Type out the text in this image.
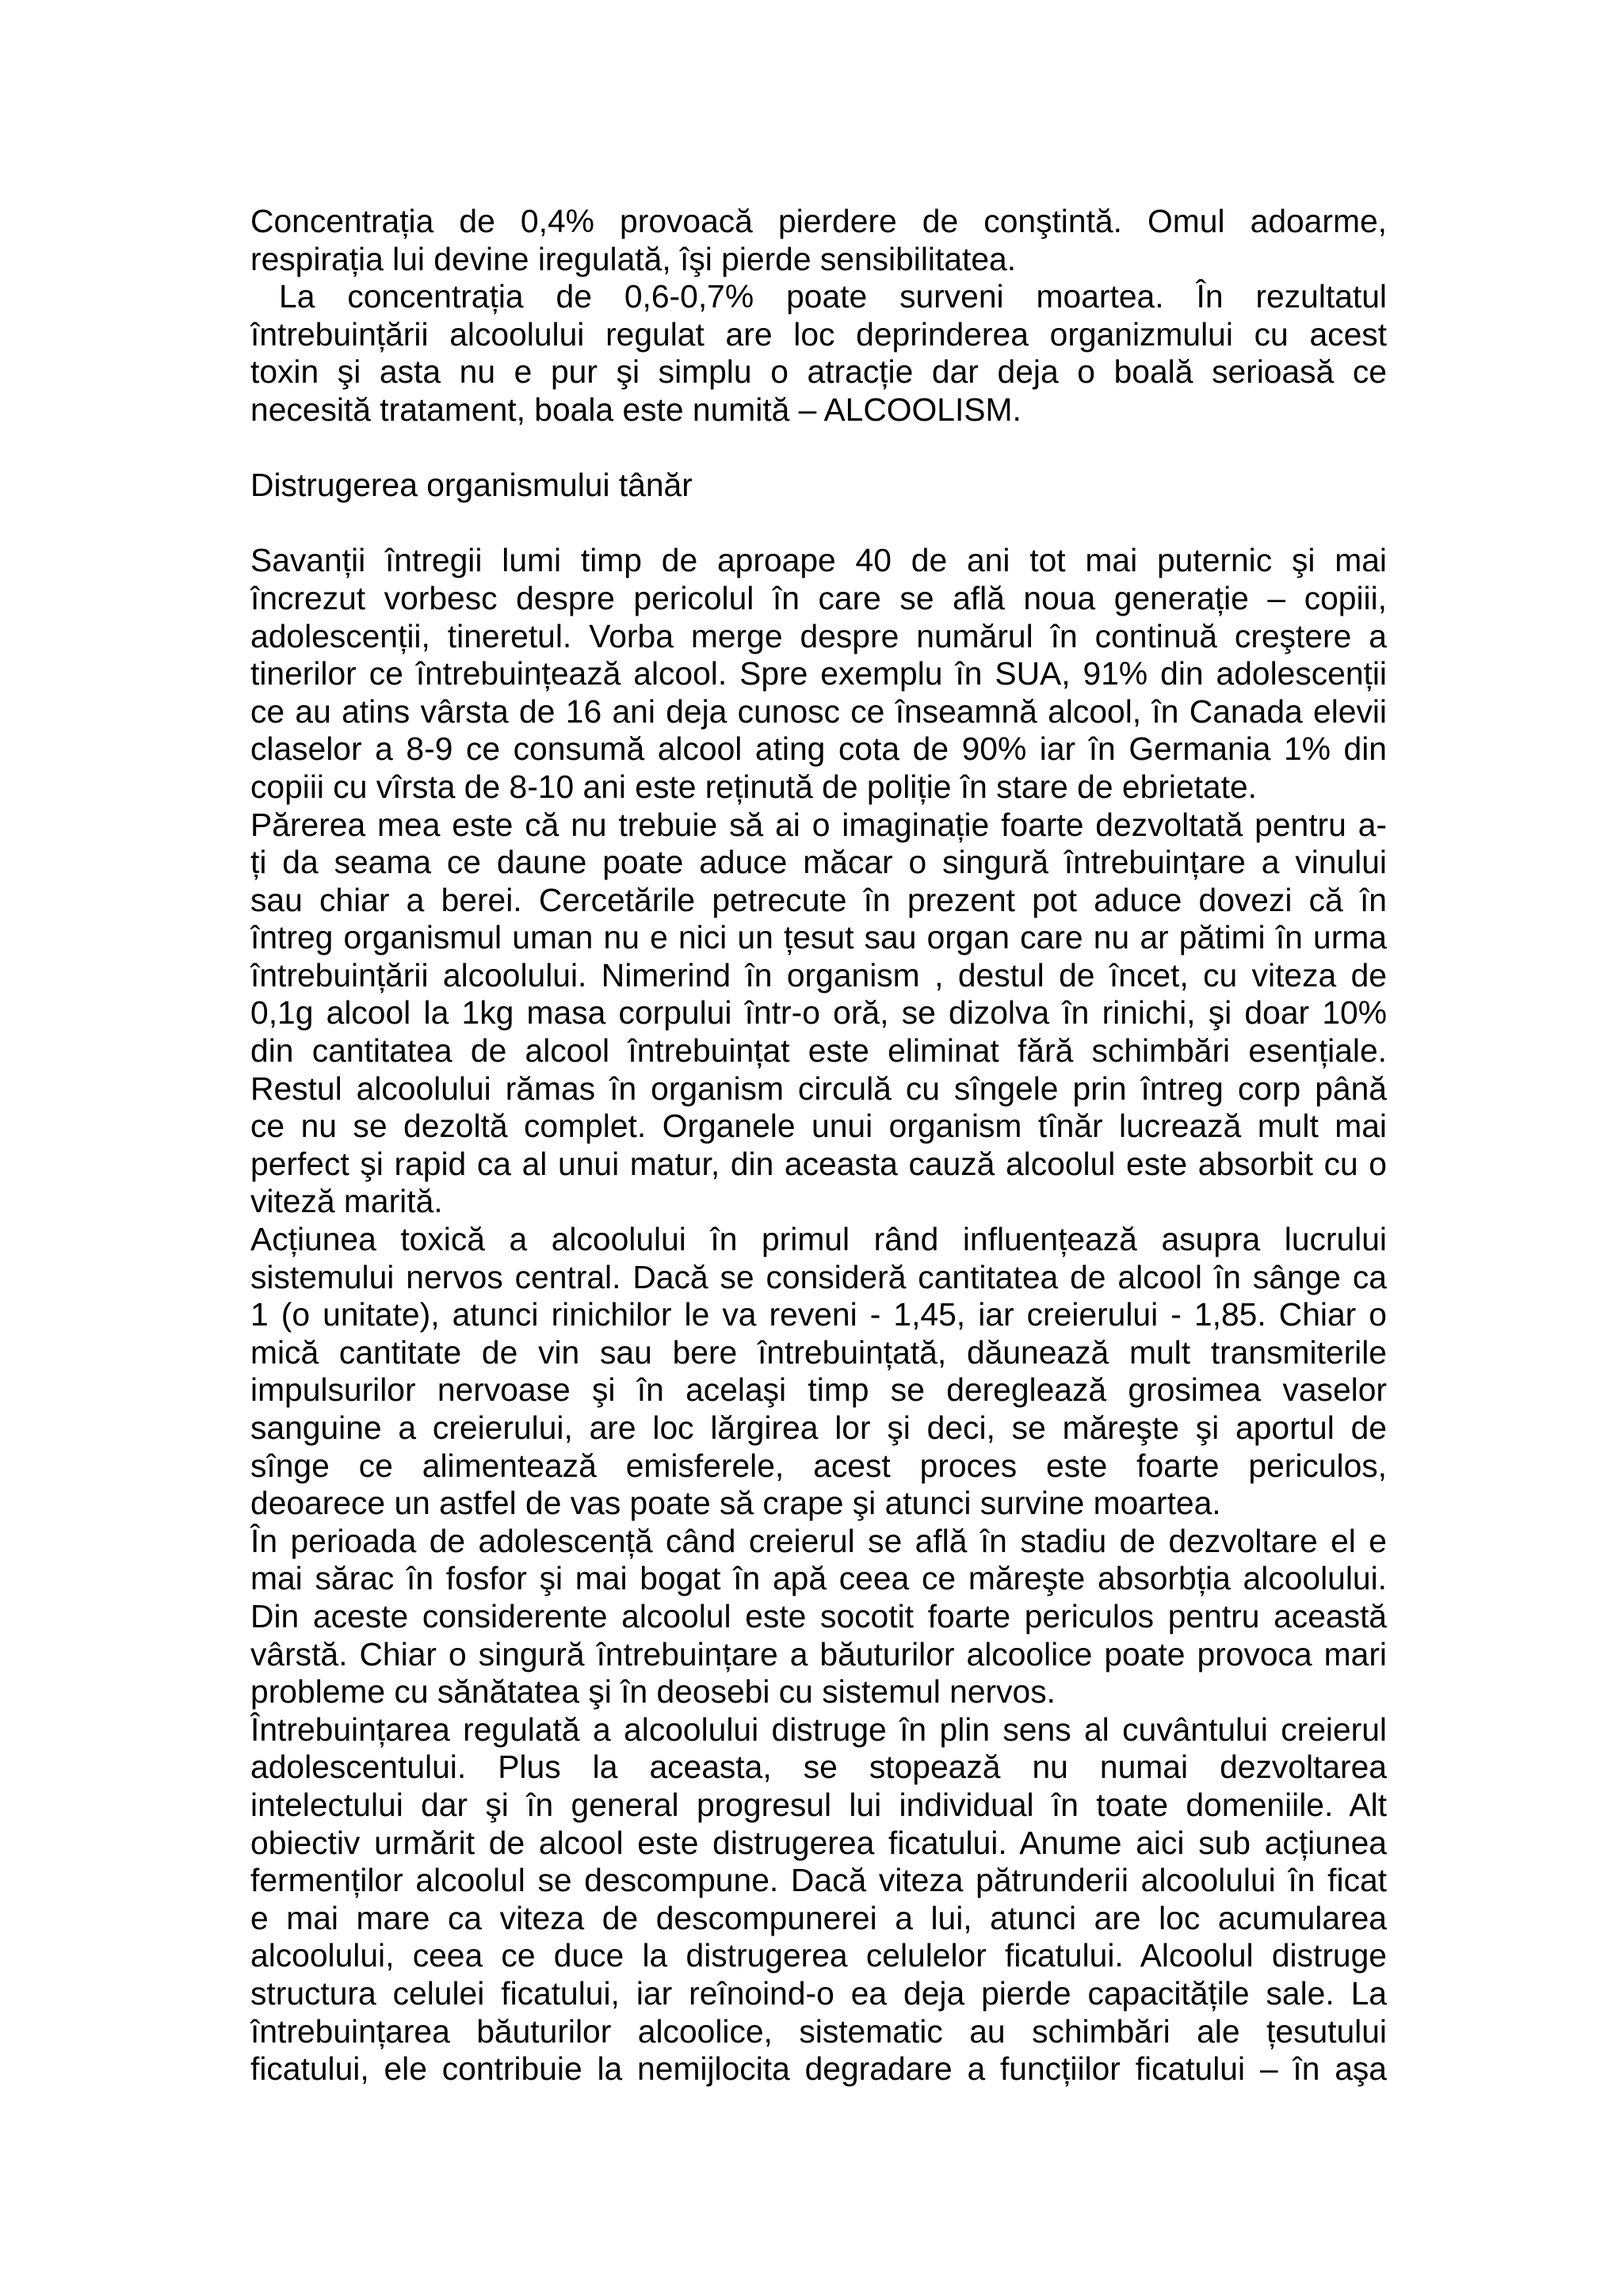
Concentrația de 0,4% provoacă pierdere de conştintă. Omul adoarme,
respirația lui devine iregulată, îşi pierde sensibilitatea.
La concentrația de 0,6-0,7% poate surveni moartea. În rezultatul
întrebuințării alcoolului regulat are loc deprinderea organizmului cu acest
toxin şi asta nu e pur şi simplu o atracție dar deja o boală serioasă ce
necesită tratament, boala este numită – ALCOOLISM.
Distrugerea organismului tânăr
Savanții întregii lumi timp de aproape 40 de ani tot mai puternic şi mai
încrezut vorbesc despre pericolul în care se află noua generație – copiii,
adolescenții, tineretul. Vorba merge despre numărul în continuă creştere a
tinerilor ce întrebuințează alcool. Spre exemplu în SUA, 91% din adolescenții
ce au atins vârsta de 16 ani deja cunosc ce înseamnă alcool, în Canada elevii
claselor a 8-9 ce consumă alcool ating cota de 90% iar în Germania 1% din
copiii cu vîrsta de 8-10 ani este reținută de poliție în stare de ebrietate.
Părerea mea este că nu trebuie să ai o imaginație foarte dezvoltată pentru a-
ți da seama ce daune poate aduce măcar o singură întrebuințare a vinului
sau chiar a berei. Cercetările petrecute în prezent pot aduce dovezi că în
întreg organismul uman nu e nici un țesut sau organ care nu ar pătimi în urma
întrebuințării alcoolului. Nimerind în organism , destul de încet, cu viteza de
0,1g alcool la 1kg masa corpului într-o oră, se dizolva în rinichi, şi doar 10%
din cantitatea de alcool întrebuințat este eliminat fără schimbări esențiale.
Restul alcoolului rămas în organism circulă cu sîngele prin întreg corp până
ce nu se dezoltă complet. Organele unui organism tînăr lucrează mult mai
perfect şi rapid ca al unui matur, din aceasta cauză alcoolul este absorbit cu o
viteză marită.
Acțiunea toxică a alcoolului în primul rând influențează asupra lucrului
sistemului nervos central. Dacă se consideră cantitatea de alcool în sânge ca
1 (o unitate), atunci rinichilor le va reveni - 1,45, iar creierului - 1,85. Chiar o
mică cantitate de vin sau bere întrebuințată, dăunează mult transmiterile
impulsurilor nervoase şi în acelaşi timp se dereglează grosimea vaselor
sanguine a creierului, are loc lărgirea lor şi deci, se măreşte şi aportul de
sînge ce alimentează emisferele, acest proces este foarte periculos,
deoarece un astfel de vas poate să crape şi atunci survine moartea.
În perioada de adolescență când creierul se află în stadiu de dezvoltare el e
mai sărac în fosfor şi mai bogat în apă ceea ce măreşte absorbția alcoolului.
Din aceste considerente alcoolul este socotit foarte periculos pentru această
vârstă. Chiar o singură întrebuințare a băuturilor alcoolice poate provoca mari
probleme cu sănătatea şi în deosebi cu sistemul nervos.
Întrebuințarea regulată a alcoolului distruge în plin sens al cuvântului creierul
adolescentului. Plus la aceasta, se stopează nu numai dezvoltarea
intelectului dar şi în general progresul lui individual în toate domeniile. Alt
obiectiv urmărit de alcool este distrugerea ficatului. Anume aici sub acțiunea
fermenților alcoolul se descompune. Dacă viteza pătrunderii alcoolului în ficat
e mai mare ca viteza de descompunerei a lui, atunci are loc acumularea
alcoolului, ceea ce duce la distrugerea celulelor ficatului. Alcoolul distruge
structura celulei ficatului, iar reînoind-o ea deja pierde capacitățile sale. La
întrebuințarea băuturilor alcoolice, sistematic au schimbări ale țesutului
ficatului, ele contribuie la nemijlocita degradare a funcțiilor ficatului – în aşa
